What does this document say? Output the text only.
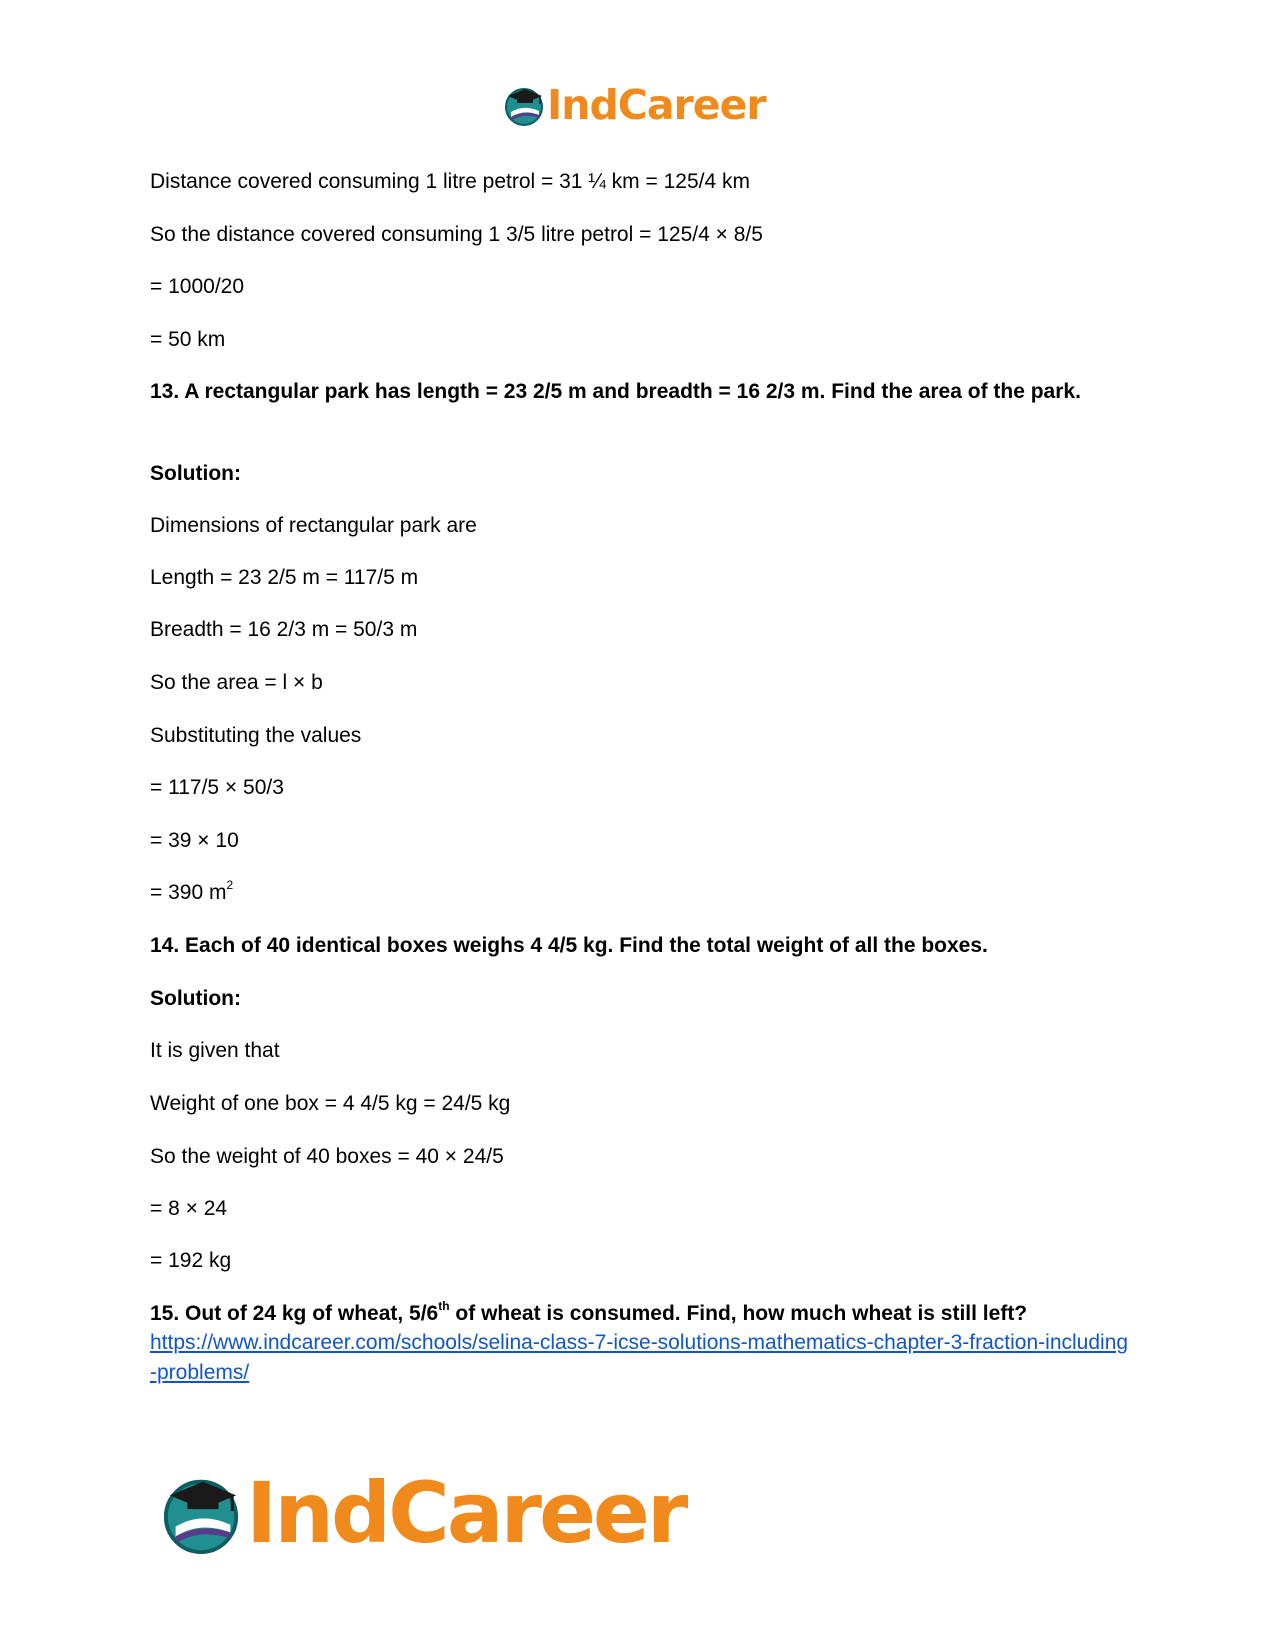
IndCareer
Distance covered consuming 1 litre petrol = 31 ¼ km = 125/4 km
So the distance covered consuming 1 3/5 litre petrol = 125/4 × 8/5
= 1000/20
= 50 km
13. A rectangular park has length = 23 2/5 m and breadth = 16 2/3 m. Find the area of the park.
Solution:
Dimensions of rectangular park are
Length = 23 2/5 m = 117/5 m
Breadth = 16 2/3 m = 50/3 m
So the area = l × b
Substituting the values
= 117/5 × 50/3
= 39 × 10
= 390 $m^2$
14. Each of 40 identical boxes weighs 4 4/5 kg. Find the total weight of all the boxes.
Solution:
It is given that
Weight of one box = 4 4/5 kg = 24/5 kg
So the weight of 40 boxes = 40 × 24/5
= 8 × 24
= 192 kg
15. Out of 24 kg of wheat, 5/6th of wheat is consumed. Find, how much wheat is still left?
https://www.indcareer.com/schools/selina-class-7-icse-solutions-mathematics-chapter-3-fraction-including-problems/
IndCareer
